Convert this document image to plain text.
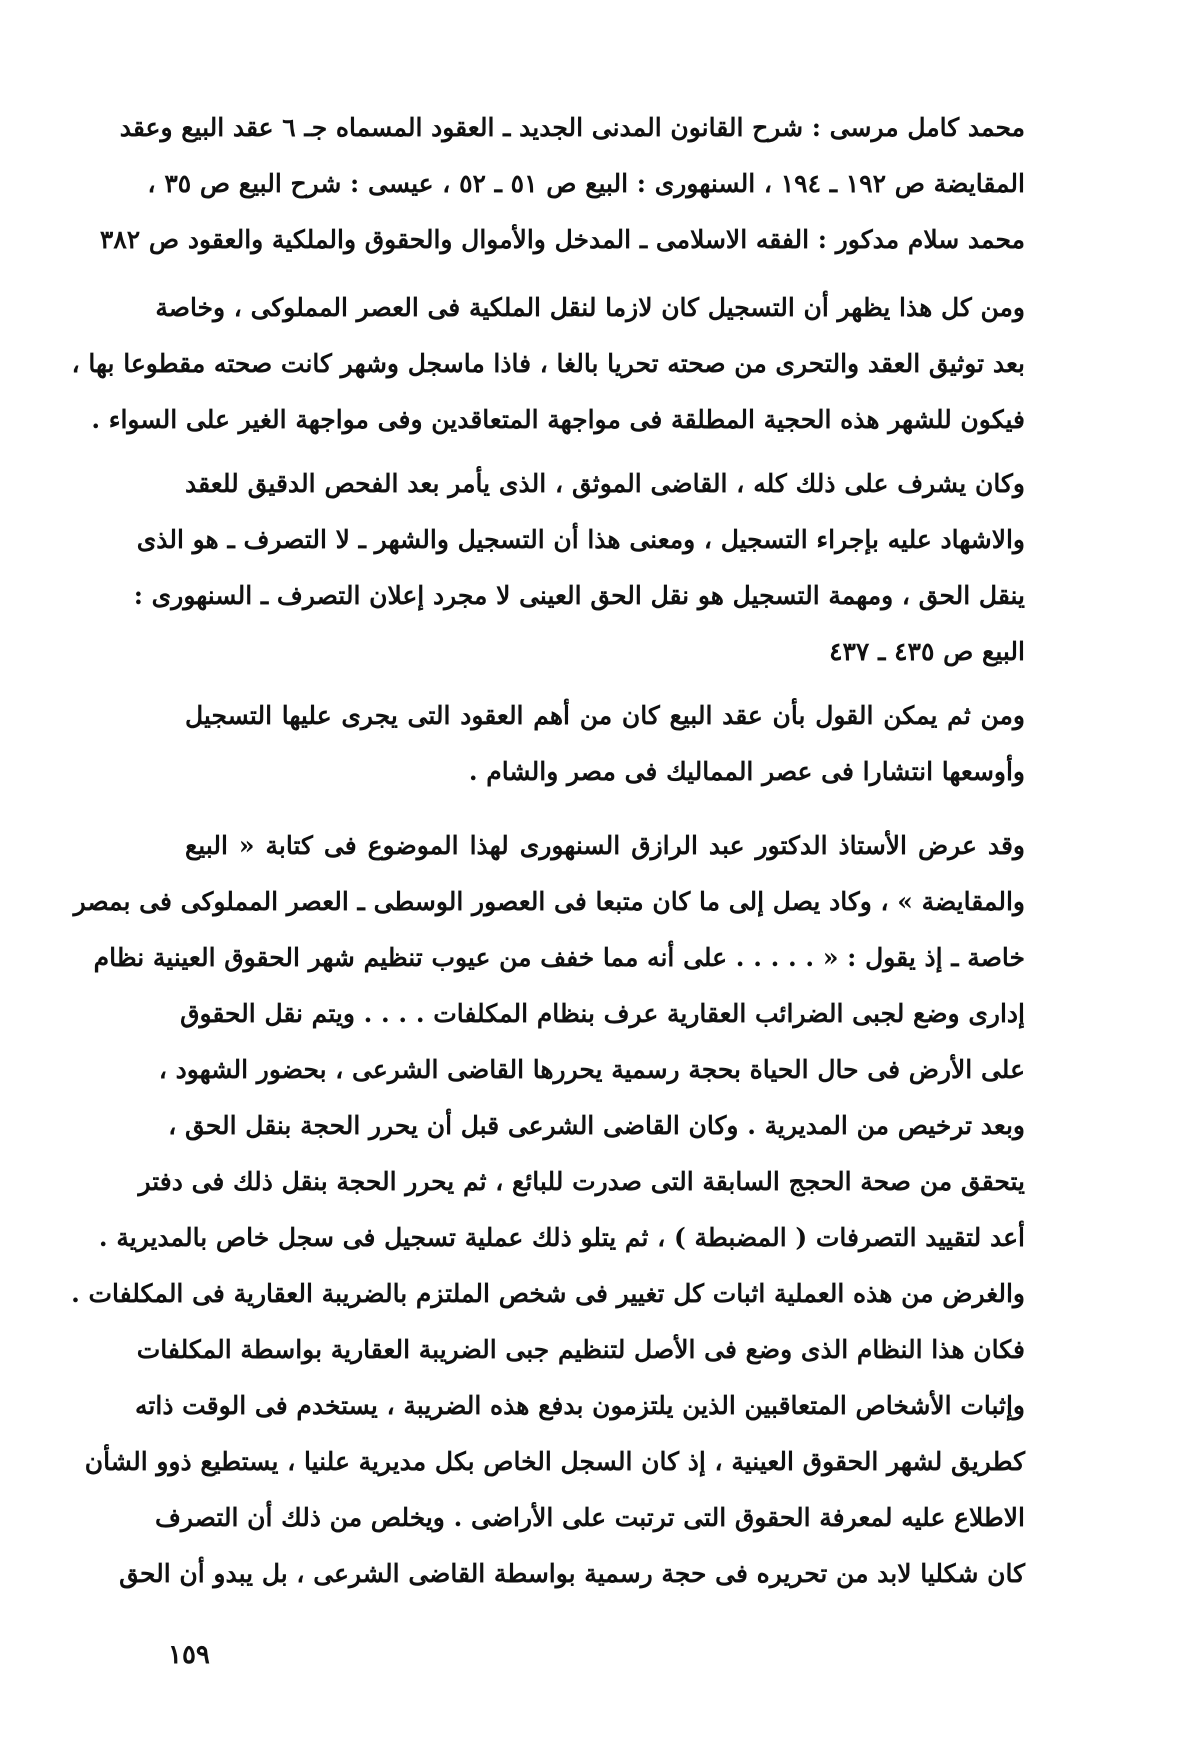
محمد كامل مرسى : شرح القانون المدنى الجديد ـ العقود المسماه جـ ٦ عقد البيع وعقد
المقايضة ص ١٩٢ ـ ١٩٤ ، السنهورى : البيع ص ٥١ ـ ٥٢ ، عيسى : شرح البيع ص ٣٥ ،
محمد سلام مدكور : الفقه الاسلامى ـ المدخل والأموال والحقوق والملكية والعقود ص ٣٨٢
ومن كل هذا يظهر أن التسجيل كان لازما لنقل الملكية فى العصر المملوكى ، وخاصة
بعد توثيق العقد والتحرى من صحته تحريا بالغا ، فاذا ماسجل وشهر كانت صحته مقطوعا بها ،
فيكون للشهر هذه الحجية المطلقة فى مواجهة المتعاقدين وفى مواجهة الغير على السواء .
وكان يشرف على ذلك كله ، القاضى الموثق ، الذى يأمر بعد الفحص الدقيق للعقد
والاشهاد عليه بإجراء التسجيل ، ومعنى هذا أن التسجيل والشهر ـ لا التصرف ـ هو الذى
ينقل الحق ، ومهمة التسجيل هو نقل الحق العينى لا مجرد إعلان التصرف ـ السنهورى :
البيع ص ٤٣٥ ـ ٤٣٧
ومن ثم يمكن القول بأن عقد البيع كان من أهم العقود التى يجرى عليها التسجيل
وأوسعها انتشارا فى عصر المماليك فى مصر والشام .
وقد عرض الأستاذ الدكتور عبد الرازق السنهورى لهذا الموضوع فى كتابة « البيع
والمقايضة » ، وكاد يصل إلى ما كان متبعا فى العصور الوسطى ـ العصر المملوكى فى بمصر
خاصة ـ إذ يقول : « . . . . . على أنه مما خفف من عيوب تنظيم شهر الحقوق العينية نظام
إدارى وضع لجبى الضرائب العقارية عرف بنظام المكلفات . . . . ويتم نقل الحقوق
على الأرض فى حال الحياة بحجة رسمية يحررها القاضى الشرعى ، بحضور الشهود ،
وبعد ترخيص من المديرية . وكان القاضى الشرعى قبل أن يحرر الحجة بنقل الحق ،
يتحقق من صحة الحجج السابقة التى صدرت للبائع ، ثم يحرر الحجة بنقل ذلك فى دفتر
أعد لتقييد التصرفات ( المضبطة ) ، ثم يتلو ذلك عملية تسجيل فى سجل خاص بالمديرية .
والغرض من هذه العملية اثبات كل تغيير فى شخص الملتزم بالضريبة العقارية فى المكلفات .
فكان هذا النظام الذى وضع فى الأصل لتنظيم جبى الضريبة العقارية بواسطة المكلفات
وإثبات الأشخاص المتعاقبين الذين يلتزمون بدفع هذه الضريبة ، يستخدم فى الوقت ذاته
كطريق لشهر الحقوق العينية ، إذ كان السجل الخاص بكل مديرية علنيا ، يستطيع ذوو الشأن
الاطلاع عليه لمعرفة الحقوق التى ترتبت على الأراضى . ويخلص من ذلك أن التصرف
كان شكليا لابد من تحريره فى حجة رسمية بواسطة القاضى الشرعى ، بل يبدو أن الحق
١٥٩
